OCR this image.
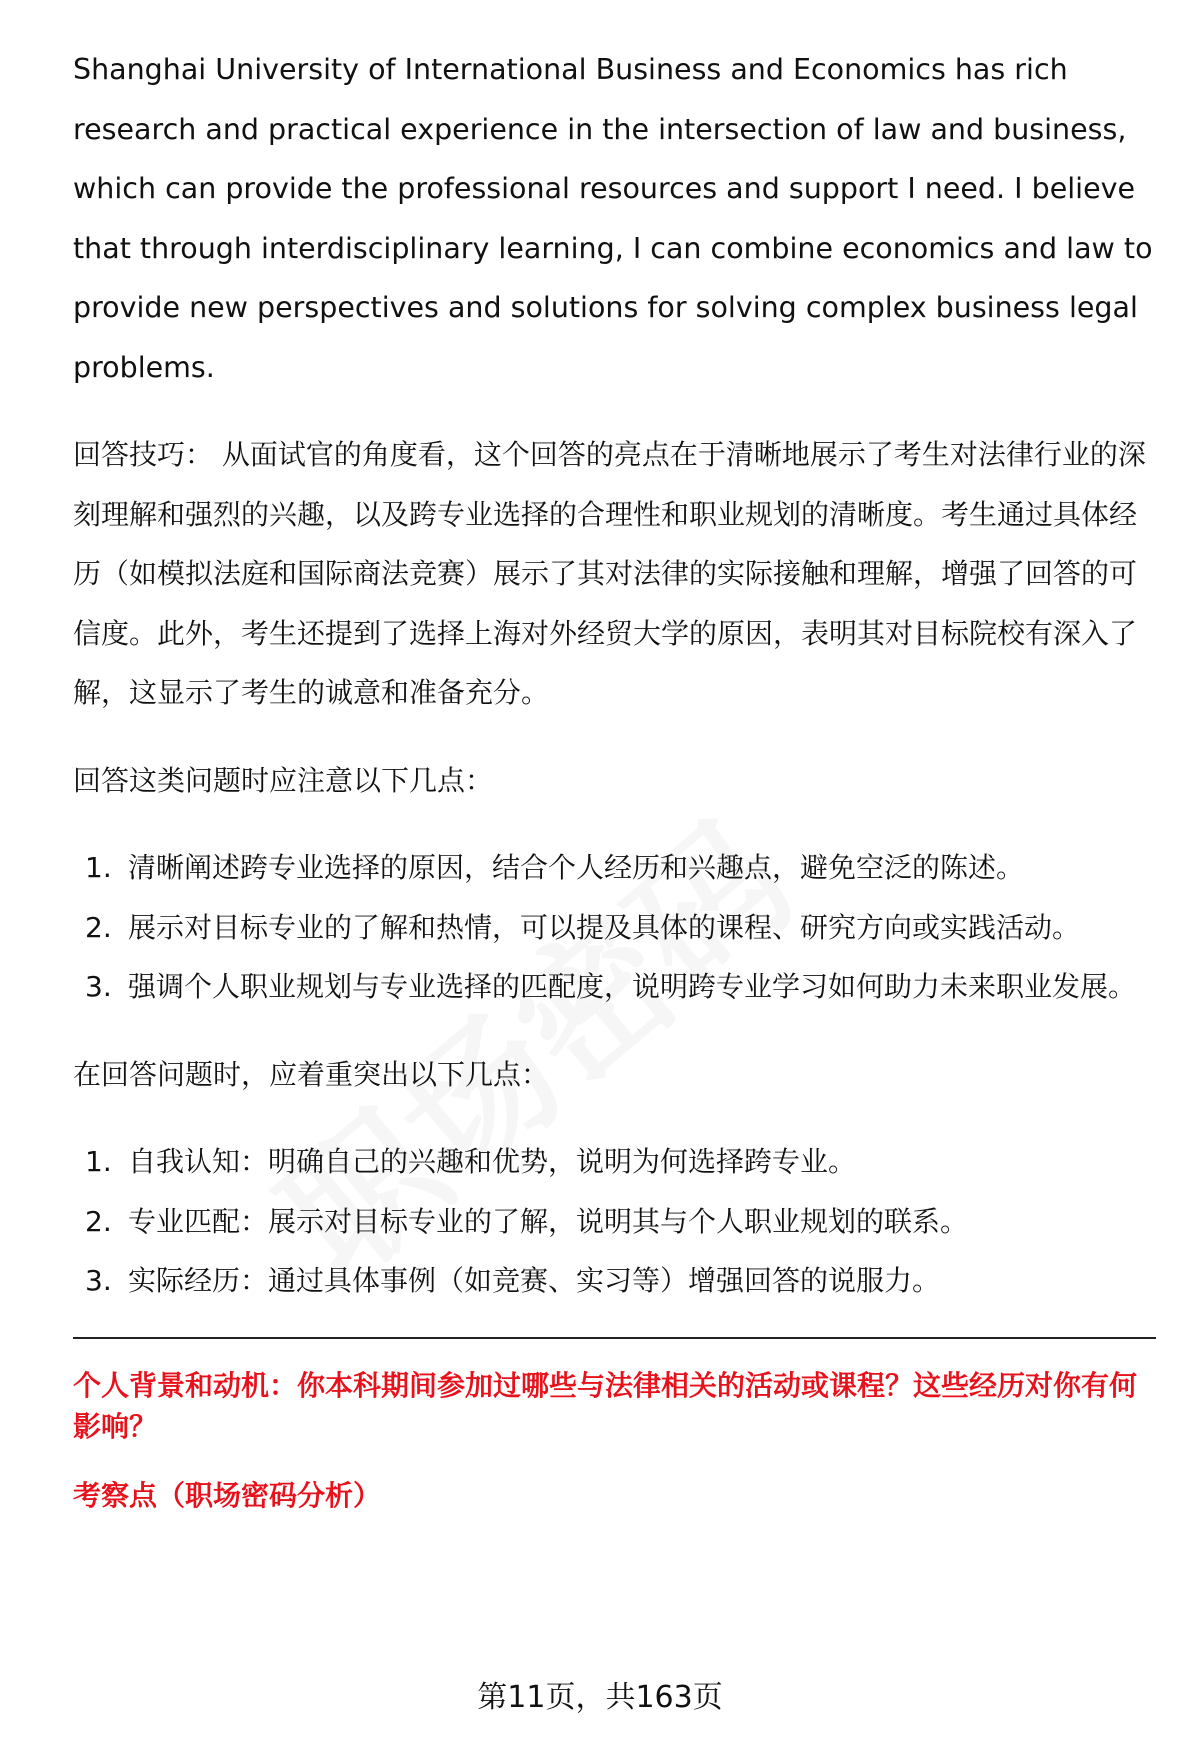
Shanghai University of International Business and Economics has rich research and practical experience in the intersection of law and business, which can provide the professional resources and support I need. I believe that through interdisciplinary learning, I can combine economics and law to provide new perspectives and solutions for solving complex business legal problems.

回答技巧： 从面试官的角度看，这个回答的亮点在于清晰地展示了考生对法律行业的深刻理解和强烈的兴趣，以及跨专业选择的合理性和职业规划的清晰度。考生通过具体经历（如模拟法庭和国际商法竞赛）展示了其对法律的实际接触和理解，增强了回答的可信度。此外，考生还提到了选择上海对外经贸大学的原因，表明其对目标院校有深入了解，这显示了考生的诚意和准备充分。

回答这类问题时应注意以下几点：

1. 清晰阐述跨专业选择的原因，结合个人经历和兴趣点，避免空泛的陈述。
2. 展示对目标专业的了解和热情，可以提及具体的课程、研究方向或实践活动。
3. 强调个人职业规划与专业选择的匹配度，说明跨专业学习如何助力未来职业发展。

在回答问题时，应着重突出以下几点：

1. 自我认知：明确自己的兴趣和优势，说明为何选择跨专业。
2. 专业匹配：展示对目标专业的了解，说明其与个人职业规划的联系。
3. 实际经历：通过具体事例（如竞赛、实习等）增强回答的说服力。

个人背景和动机：你本科期间参加过哪些与法律相关的活动或课程？这些经历对你有何影响？

考察点（职场密码分析）

第11页，共163页
